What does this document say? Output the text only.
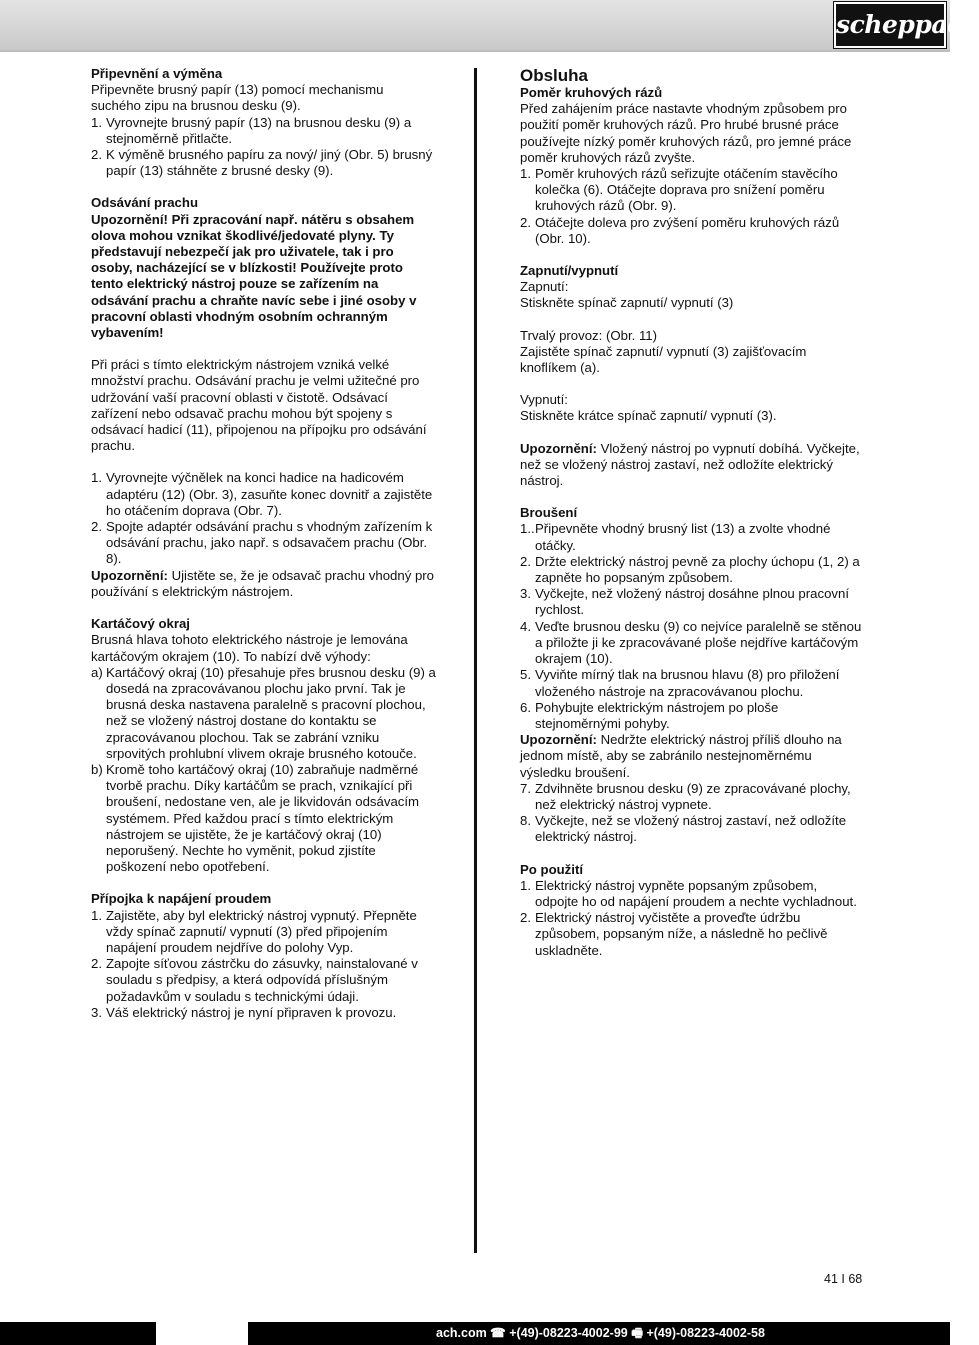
scheppach
Připevnění a výměna

Připevněte brusný papír (13) pomocí mechanismu suchého zipu na brusnou desku (9).

1. Vyrovnejte brusný papír (13) na brusnou desku (9) a stejnoměrně přitlačte.
2. K výměně brusného papíru za nový/ jiný (Obr. 5) brusný papír (13) stáhněte z brusné desky (9).
Odsávání prachu

Upozornění! Při zpracování např. nátěru s obsahem olova mohou vznikat škodlivé/jedovaté plyny. Ty představují nebezpečí jak pro uživatele, tak i pro osoby, nacházející se v blízkosti! Používejte proto tento elektrický nástroj pouze se zařízením na odsávání prachu a chraňte navíc sebe i jiné osoby v pracovní oblasti vhodným osobním ochranným vybavením!

Při práci s tímto elektrickým nástrojem vzniká velké množství prachu. Odsávání prachu je velmi užitečné pro udržování vaší pracovní oblasti v čistotě. Odsávací zařízení nebo odsavač prachu mohou být spojeny s odsávací hadicí (11), připojenou na přípojku pro odsávání prachu.

1. Vyrovnejte výčnělek na konci hadice na hadicovém adaptéru (12) (Obr. 3), zasuňte konec dovnitř a zajistěte ho otáčením doprava (Obr. 7).
2. Spojte adaptér odsávání prachu s vhodným zařízením k odsávání prachu, jako např. s odsavačem prachu (Obr. 8).

Upozornění: Ujistěte se, že je odsavač prachu vhodný pro používání s elektrickým nástrojem.

Kartáčový okraj

Brusná hlava tohoto elektrického nástroje je lemována kartáčovým okrajem (10). To nabízí dvě výhody:

a) Kartáčový okraj (10) přesahuje přes brusnou desku (9) a dosedá na zpracovávanou plochu jako první. Tak je brusná deska nastavena paralelně s pracovní plochou, než se vložený nástroj dostane do kontaktu se zpracovávanou plochou. Tak se zabrání vzniku srpovitých prohlubní vlivem okraje brusného kotouče.
b) Kromě toho kartáčový okraj (10) zabraňuje nadměrné tvorbě prachu. Díky kartáčům se prach, vznikající při broušení, nedostane ven, ale je likvidován odsávacím systémem. Před každou prací s tímto elektrickým nástrojem se ujistěte, že je kartáčový okraj (10) neporušený. Nechte ho vyměnit, pokud zjistíte poškození nebo opotřebení.
Přípojka k napájení proudem
1. Zajistěte, aby byl elektrický nástroj vypnutý. Přepněte vždy spínač zapnutí/ vypnutí (3) před připojením napájení proudem nejdříve do polohy Vyp.
2. Zapojte síťovou zástrčku do zásuvky, nainstalované v souladu s předpisy, a která odpovídá příslušným požadavkům v souladu s technickými údaji.
3. Váš elektrický nástroj je nyní připraven k provozu.
Obsluha
Poměr kruhových rázů

Před zahájením práce nastavte vhodným způsobem pro použití poměr kruhových rázů. Pro hrubé brusné práce používejte nízký poměr kruhových rázů, pro jemné práce poměr kruhových rázů zvyšte.

1. Poměr kruhových rázů seřizujte otáčením stavěcího kolečka (6). Otáčejte doprava pro snížení poměru kruhových rázů (Obr. 9).
2. Otáčejte doleva pro zvýšení poměru kruhových rázů (Obr. 10).
Zapnutí/vypnutí

Zapnutí:

Stiskněte spínač zapnutí/ vypnutí (3)

Trvalý provoz: (Obr. 11)

Zajistěte spínač zapnutí/ vypnutí (3) zajišťovacím knoflíkem (a).

Vypnutí:

Stiskněte krátce spínač zapnutí/ vypnutí (3).

Upozornění: Vložený nástroj po vypnutí dobíhá. Vyčkejte, než se vložený nástroj zastaví, než odložíte elektrický nástroj.

Broušení
1.. Připevněte vhodný brusný list (13) a zvolte vhodné otáčky.
2. Držte elektrický nástroj pevně za plochy úchopu (1, 2) a zapněte ho popsaným způsobem.
3. Vyčkejte, než vložený nástroj dosáhne plnou pracovní rychlost.
4. Veďte brusnou desku (9) co nejvíce paralelně se stěnou a přiložte ji ke zpracovávané ploše nejdříve kartáčovým okrajem (10).
5. Vyviňte mírný tlak na brusnou hlavu (8) pro přiložení vloženého nástroje na zpracovávanou plochu.
6. Pohybujte elektrickým nástrojem po ploše stejnoměrnými pohyby.

Upozornění: Nedržte elektrický nástroj příliš dlouho na jednom místě, aby se zabránilo nestejnoměrnému výsledku broušení.

7. Zdvihněte brusnou desku (9) ze zpracovávané plochy, než elektrický nástroj vypnete.
8. Vyčkejte, než se vložený nástroj zastaví, než odložíte elektrický nástroj.
Po použití
1. Elektrický nástroj vypněte popsaným způsobem, odpojte ho od napájení proudem a nechte vychladnout.
2. Elektrický nástroj vyčistěte a proveďte údržbu způsobem, popsaným níže, a následně ho pečlivě uskladněte.
41 I 68
ach.com ☎ +(49)-08223-4002-99 🖷 +(49)-08223-4002-58
